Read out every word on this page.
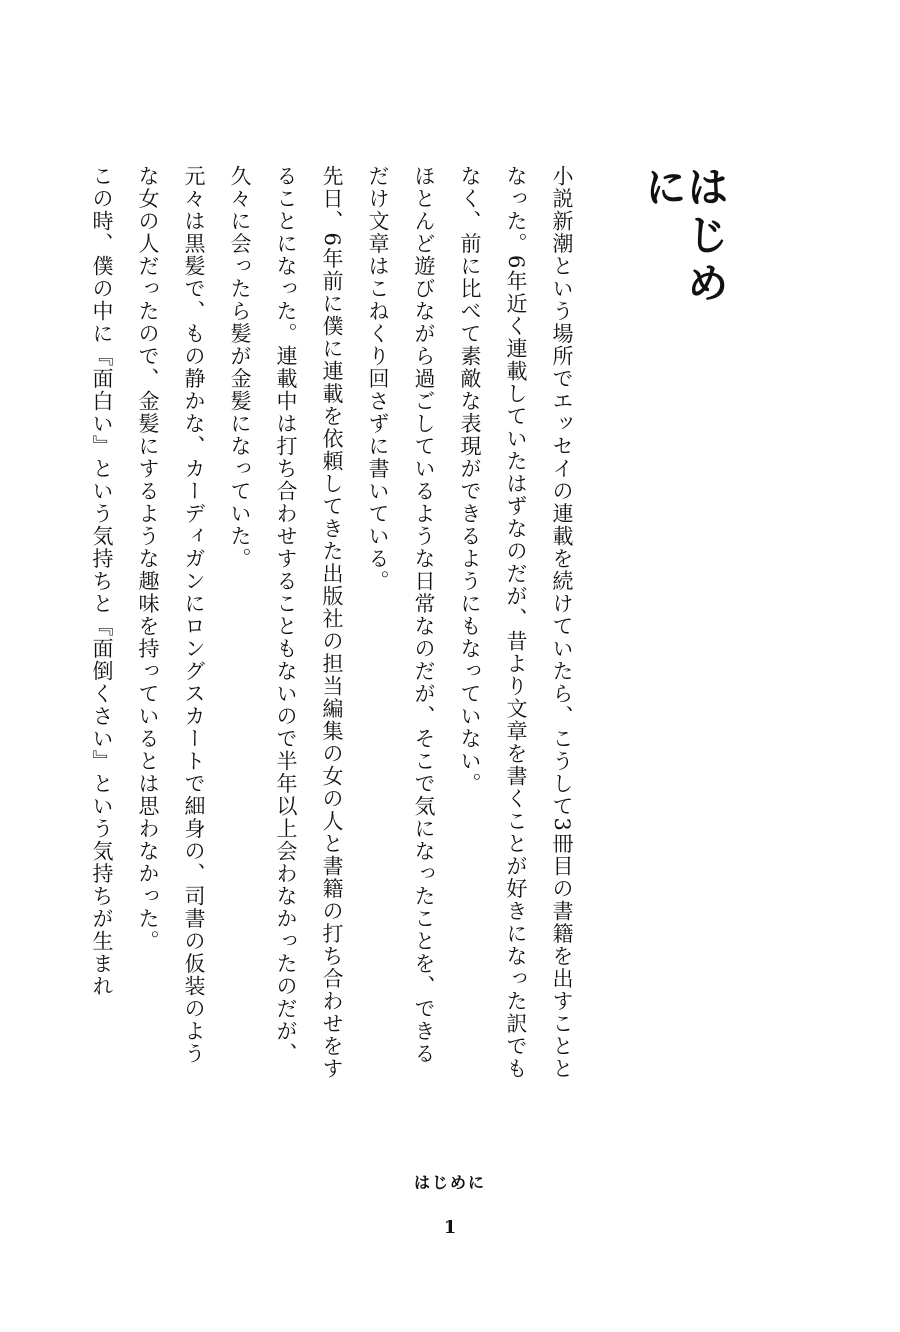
はじめに

小説新潮という場所でエッセイの連載を続けていたら、こうして3冊目の書籍を出すこととなった。6年近く連載していたはずなのだが、昔より文章を書くことが好きになった訳でもなく、前に比べて素敵な表現ができるようにもなっていない。

ほとんど遊びながら過ごしているような日常なのだが、そこで気になったことを、できるだけ文章はこねくり回さずに書いている。

先日、6年前に僕に連載を依頼してきた出版社の担当編集の女の人と書籍の打ち合わせをすることになった。連載中は打ち合わせすることもないので半年以上会わなかったのだが、久々に会ったら髪が金髪になっていた。

元々は黒髪で、もの静かな、カーディガンにロングスカートで細身の、司書の仮装のような女の人だったので、金髪にするような趣味を持っているとは思わなかった。

この時、僕の中に『面白い』という気持ちと『面倒くさい』という気持ちが生まれ

はじめに
1
